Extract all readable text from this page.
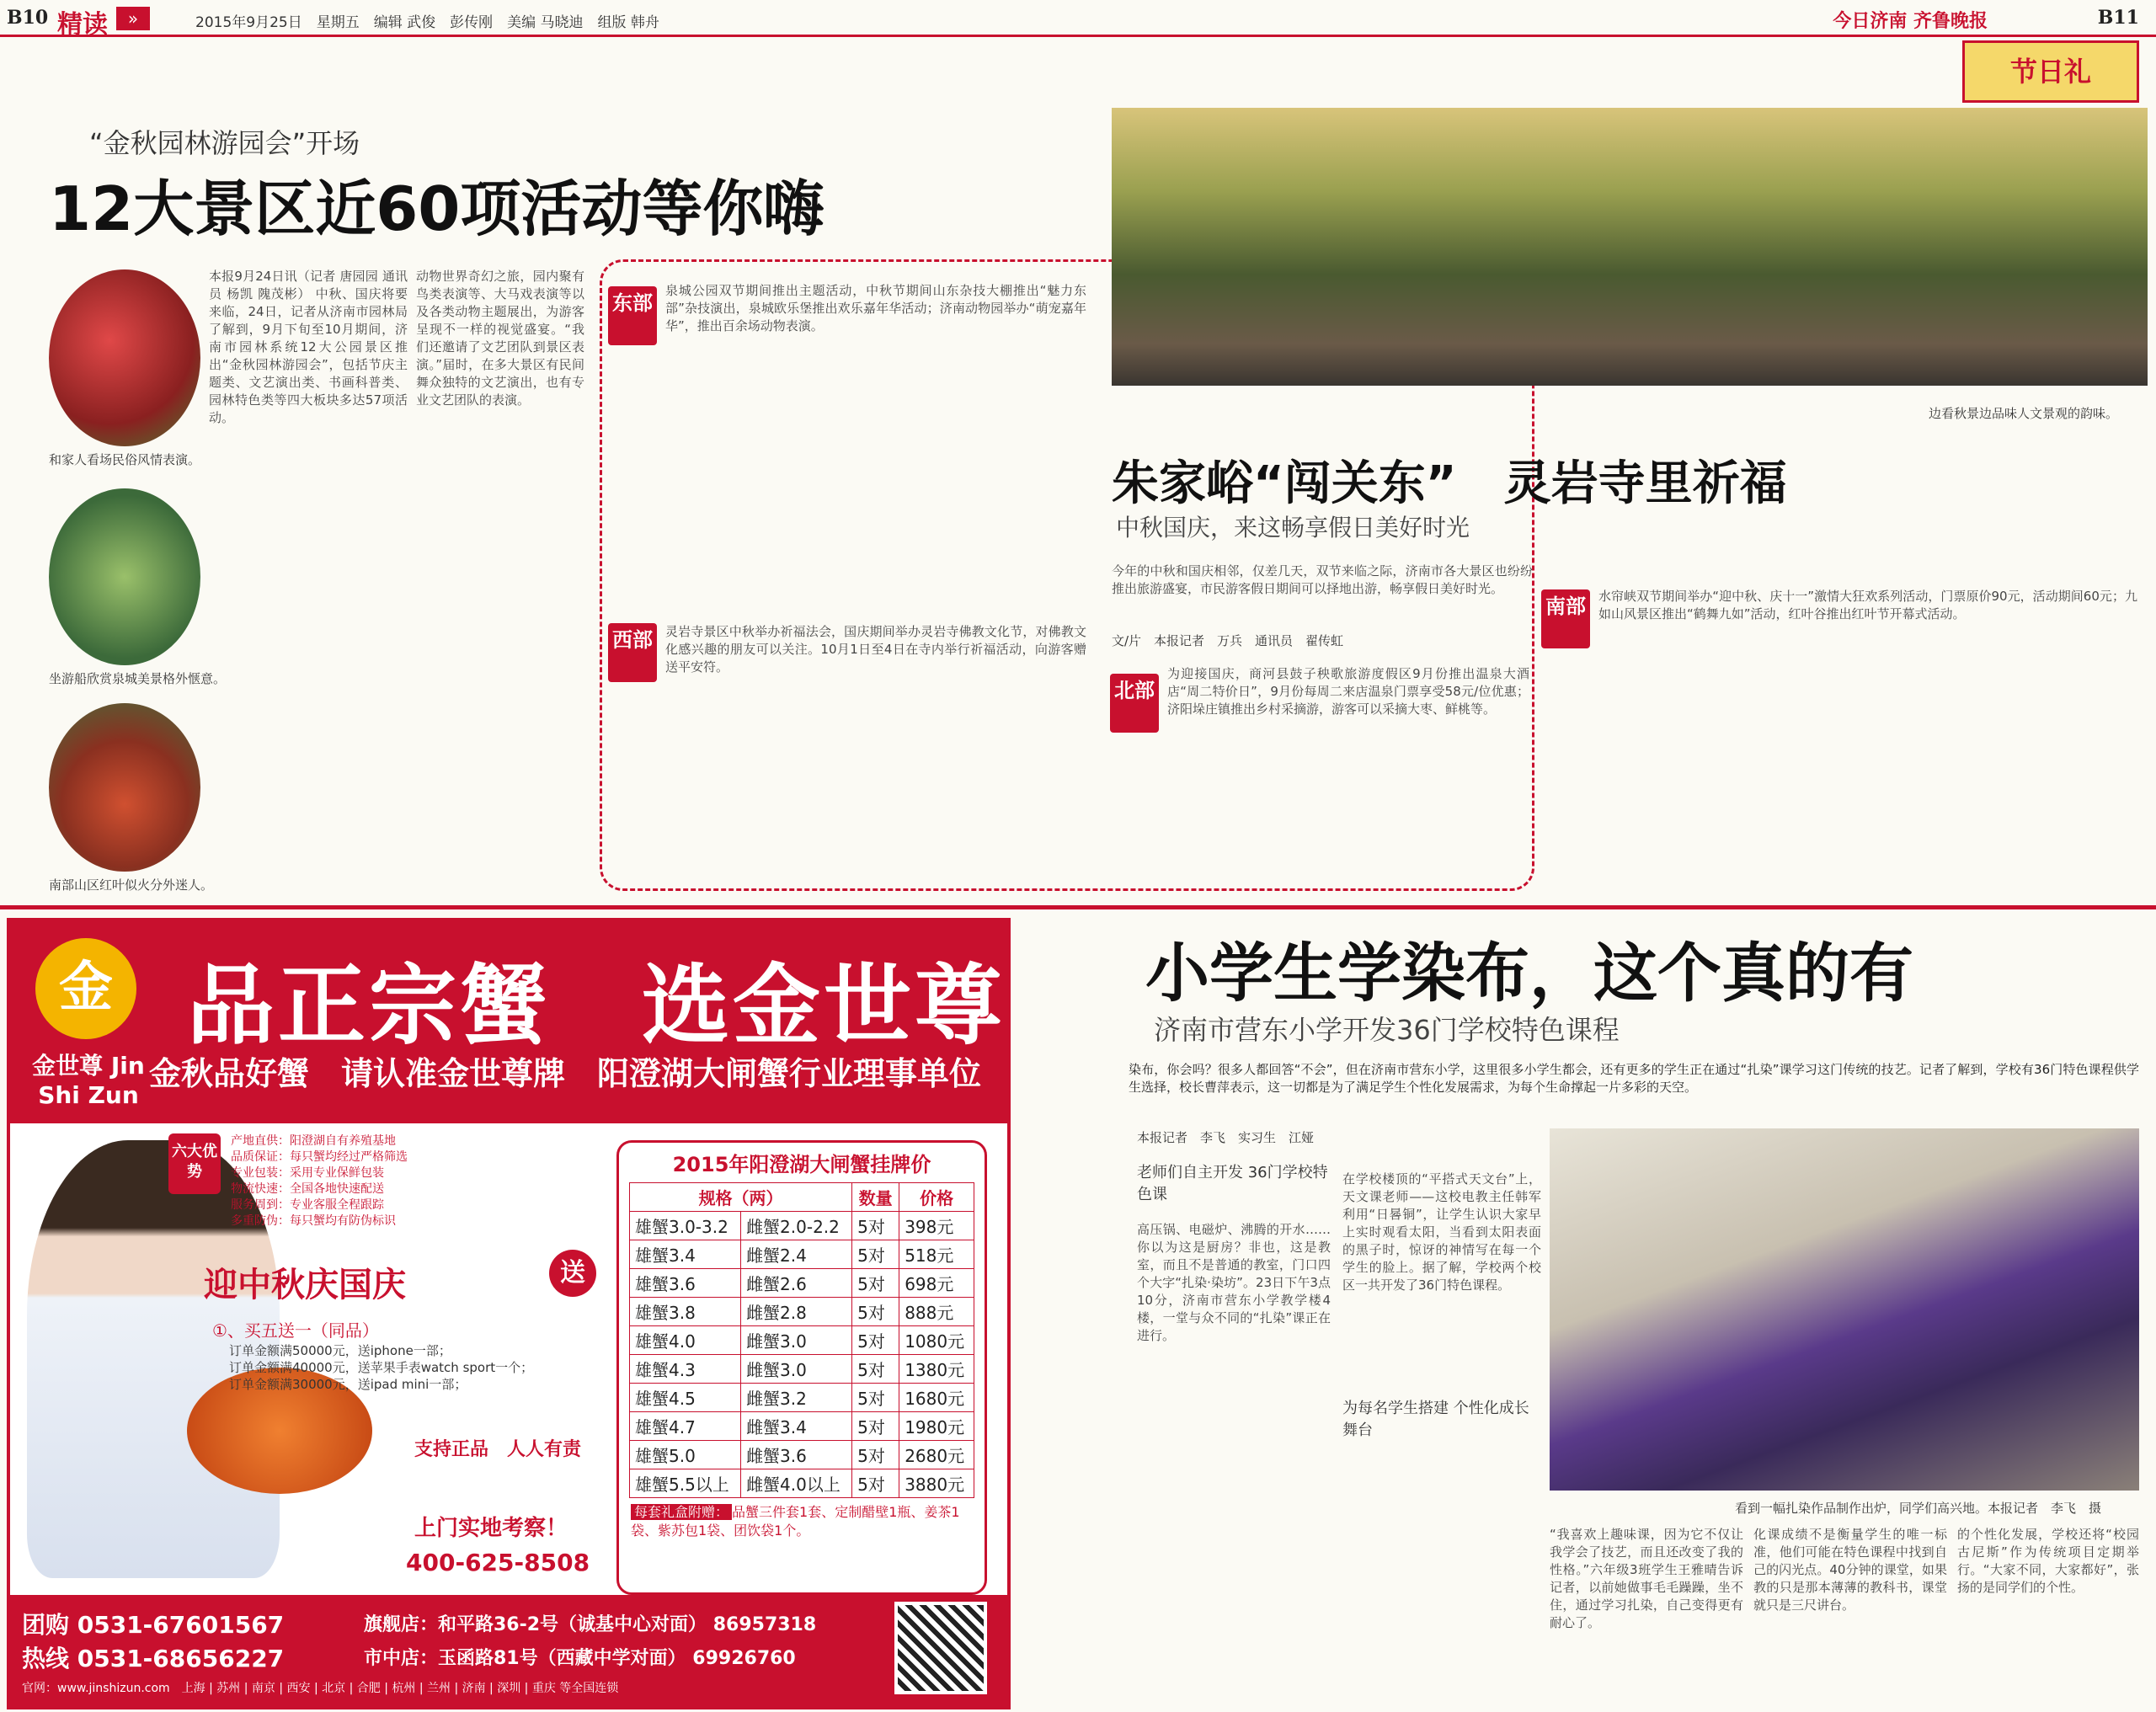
B10 精读	»	2015年9月25日　星期五　编辑 武俊　彭传刚　美编 马晓迪　组版 韩舟	今日济南 齐鲁晚报	B11
节日礼
“金秋园林游园会”开场
12大景区近60项活动等你嗨
和家人看场民俗风情表演。
坐游船欣赏泉城美景格外惬意。
南部山区红叶似火分外迷人。
本报9月24日讯（记者 唐园园 通讯员 杨凯 隗茂彬） 中秋、国庆将要来临，24日，记者从济南市园林局了解到，9月下旬至10月期间，济南市园林系统12大公园景区推出“金秋园林游园会”，包括节庆主题类、文艺演出类、书画科普类、园林特色类等四大板块多达57项活动。
动物世界奇幻之旅，园内聚有鸟类表演等、大马戏表演等以及各类动物主题展出，为游客呈现不一样的视觉盛宴。“我们还邀请了文艺团队到景区表演。”届时，在多大景区有民间舞众独特的文艺演出，也有专业文艺团队的表演。
东部
泉城公园双节期间推出主题活动，中秋节期间山东杂技大棚推出“魅力东部”杂技演出，泉城欧乐堡推出欢乐嘉年华活动；济南动物园举办“萌宠嘉年华”，推出百余场动物表演。
西部	灵岩寺景区中秋举办祈福法会，国庆期间举办灵岩寺佛教文化节，对佛教文化感兴趣的朋友可以关注。10月1日至4日在寺内举行祈福活动，向游客赠送平安符。
边看秋景边品味人文景观的韵味。
朱家峪“闯关东”　灵岩寺里祈福
中秋国庆，来这畅享假日美好时光
今年的中秋和国庆相邻，仅差几天，双节来临之际，济南市各大景区也纷纷推出旅游盛宴，市民游客假日期间可以择地出游，畅享假日美好时光。
文/片　本报记者　万兵　通讯员　翟传虹
北部
为迎接国庆，商河县鼓子秧歌旅游度假区9月份推出温泉大酒店“周二特价日”，9月份每周二来店温泉门票享受58元/位优惠；济阳垛庄镇推出乡村采摘游，游客可以采摘大枣、鲜桃等。
南部	水帘峡双节期间举办“迎中秋、庆十一”激情大狂欢系列活动，门票原价90元，活动期间60元；九如山风景区推出“鹤舞九如”活动，红叶谷推出红叶节开幕式活动。
小学生学染布，这个真的有
济南市营东小学开发36门学校特色课程
染布，你会吗？很多人都回答“不会”，但在济南市营东小学，这里很多小学生都会，还有更多的学生正在通过“扎染”课学习这门传统的技艺。记者了解到，学校有36门特色课程供学生选择，校长曹萍表示，这一切都是为了满足学生个性化发展需求，为每个生命撑起一片多彩的天空。
本报记者　李飞　实习生　江娅
看到一幅扎染作品制作出炉，同学们高兴地。本报记者　李飞　摄
老师们自主开发 36门学校特色课
高压锅、电磁炉、沸腾的开水……你以为这是厨房？非也，这是教室，而且不是普通的教室，门口四个大字“扎染·染坊”。23日下午3点10分，济南市营东小学教学楼4楼，一堂与众不同的“扎染”课正在进行。
在学校楼顶的“平搭式天文台”上，天文课老师——这校电教主任韩军利用“日晷铜”，让学生认识大家早上实时观看太阳，当看到太阳表面的黑子时，惊讶的神情写在每一个学生的脸上。据了解，学校两个校区一共开发了36门特色课程。
为每名学生搭建 个性化成长舞台
“我喜欢上趣味课，因为它不仅让我学会了技艺，而且还改变了我的性格。”六年级3班学生王雅晴告诉记者，以前她做事毛毛躁躁，坐不住，通过学习扎染，自己变得更有耐心了。
化课成绩不是衡量学生的唯一标准，他们可能在特色课程中找到自己的闪光点。40分钟的课堂，如果教的只是那本薄薄的教科书，课堂就只是三尺讲台。
的个性化发展，学校还将“校园古尼斯”作为传统项目定期举行。“大家不同，大家都好”，张扬的是同学们的个性。
金
金世尊 Jin Shi Zun
品正宗蟹　选金世尊
金秋品好蟹　请认准金世尊牌　阳澄湖大闸蟹行业理事单位
六大优势
产地直供：阳澄湖自有养殖基地
品质保证：每只蟹均经过严格筛选
专业包装：采用专业保鲜包装
物流快速：全国各地快速配送
服务周到：专业客服全程跟踪
多重防伪：每只蟹均有防伪标识
迎中秋庆国庆	送
①、买五送一（同品）
订单金额满50000元，送iphone一部；
订单金额满40000元，送苹果手表watch sport一个；
订单金额满30000元，送ipad mini一部；
支持正品　人人有责
上门实地考察！
400-625-8508
2015年阳澄湖大闸蟹挂牌价
规格（两）		数量	价格
雄蟹3.0-3.2	雌蟹2.0-2.2	5对	398元
雄蟹3.4	雌蟹2.4	5对	518元
雄蟹3.6	雌蟹2.6	5对	698元
雄蟹3.8	雌蟹2.8	5对	888元
雄蟹4.0	雌蟹3.0	5对	1080元
雄蟹4.3	雌蟹3.0	5对	1380元
雄蟹4.5	雌蟹3.2	5对	1680元
雄蟹4.7	雌蟹3.4	5对	1980元
雄蟹5.0	雌蟹3.6	5对	2680元
雄蟹5.5以上	雌蟹4.0以上	5对	3880元
每套礼盒附赠： 品蟹三件套1套、定制醋壁1瓶、姜茶1袋、紫苏包1袋、团饮袋1个。
团购 0531-67601567
热线 0531-68656227
旗舰店：和平路36-2号（诚基中心对面） 86957318
市中店：玉函路81号（西藏中学对面） 69926760
官网：www.jinshizun.com　上海 | 苏州 | 南京 | 西安 | 北京 | 合肥 | 杭州 | 兰州 | 济南 | 深圳 | 重庆 等全国连锁
